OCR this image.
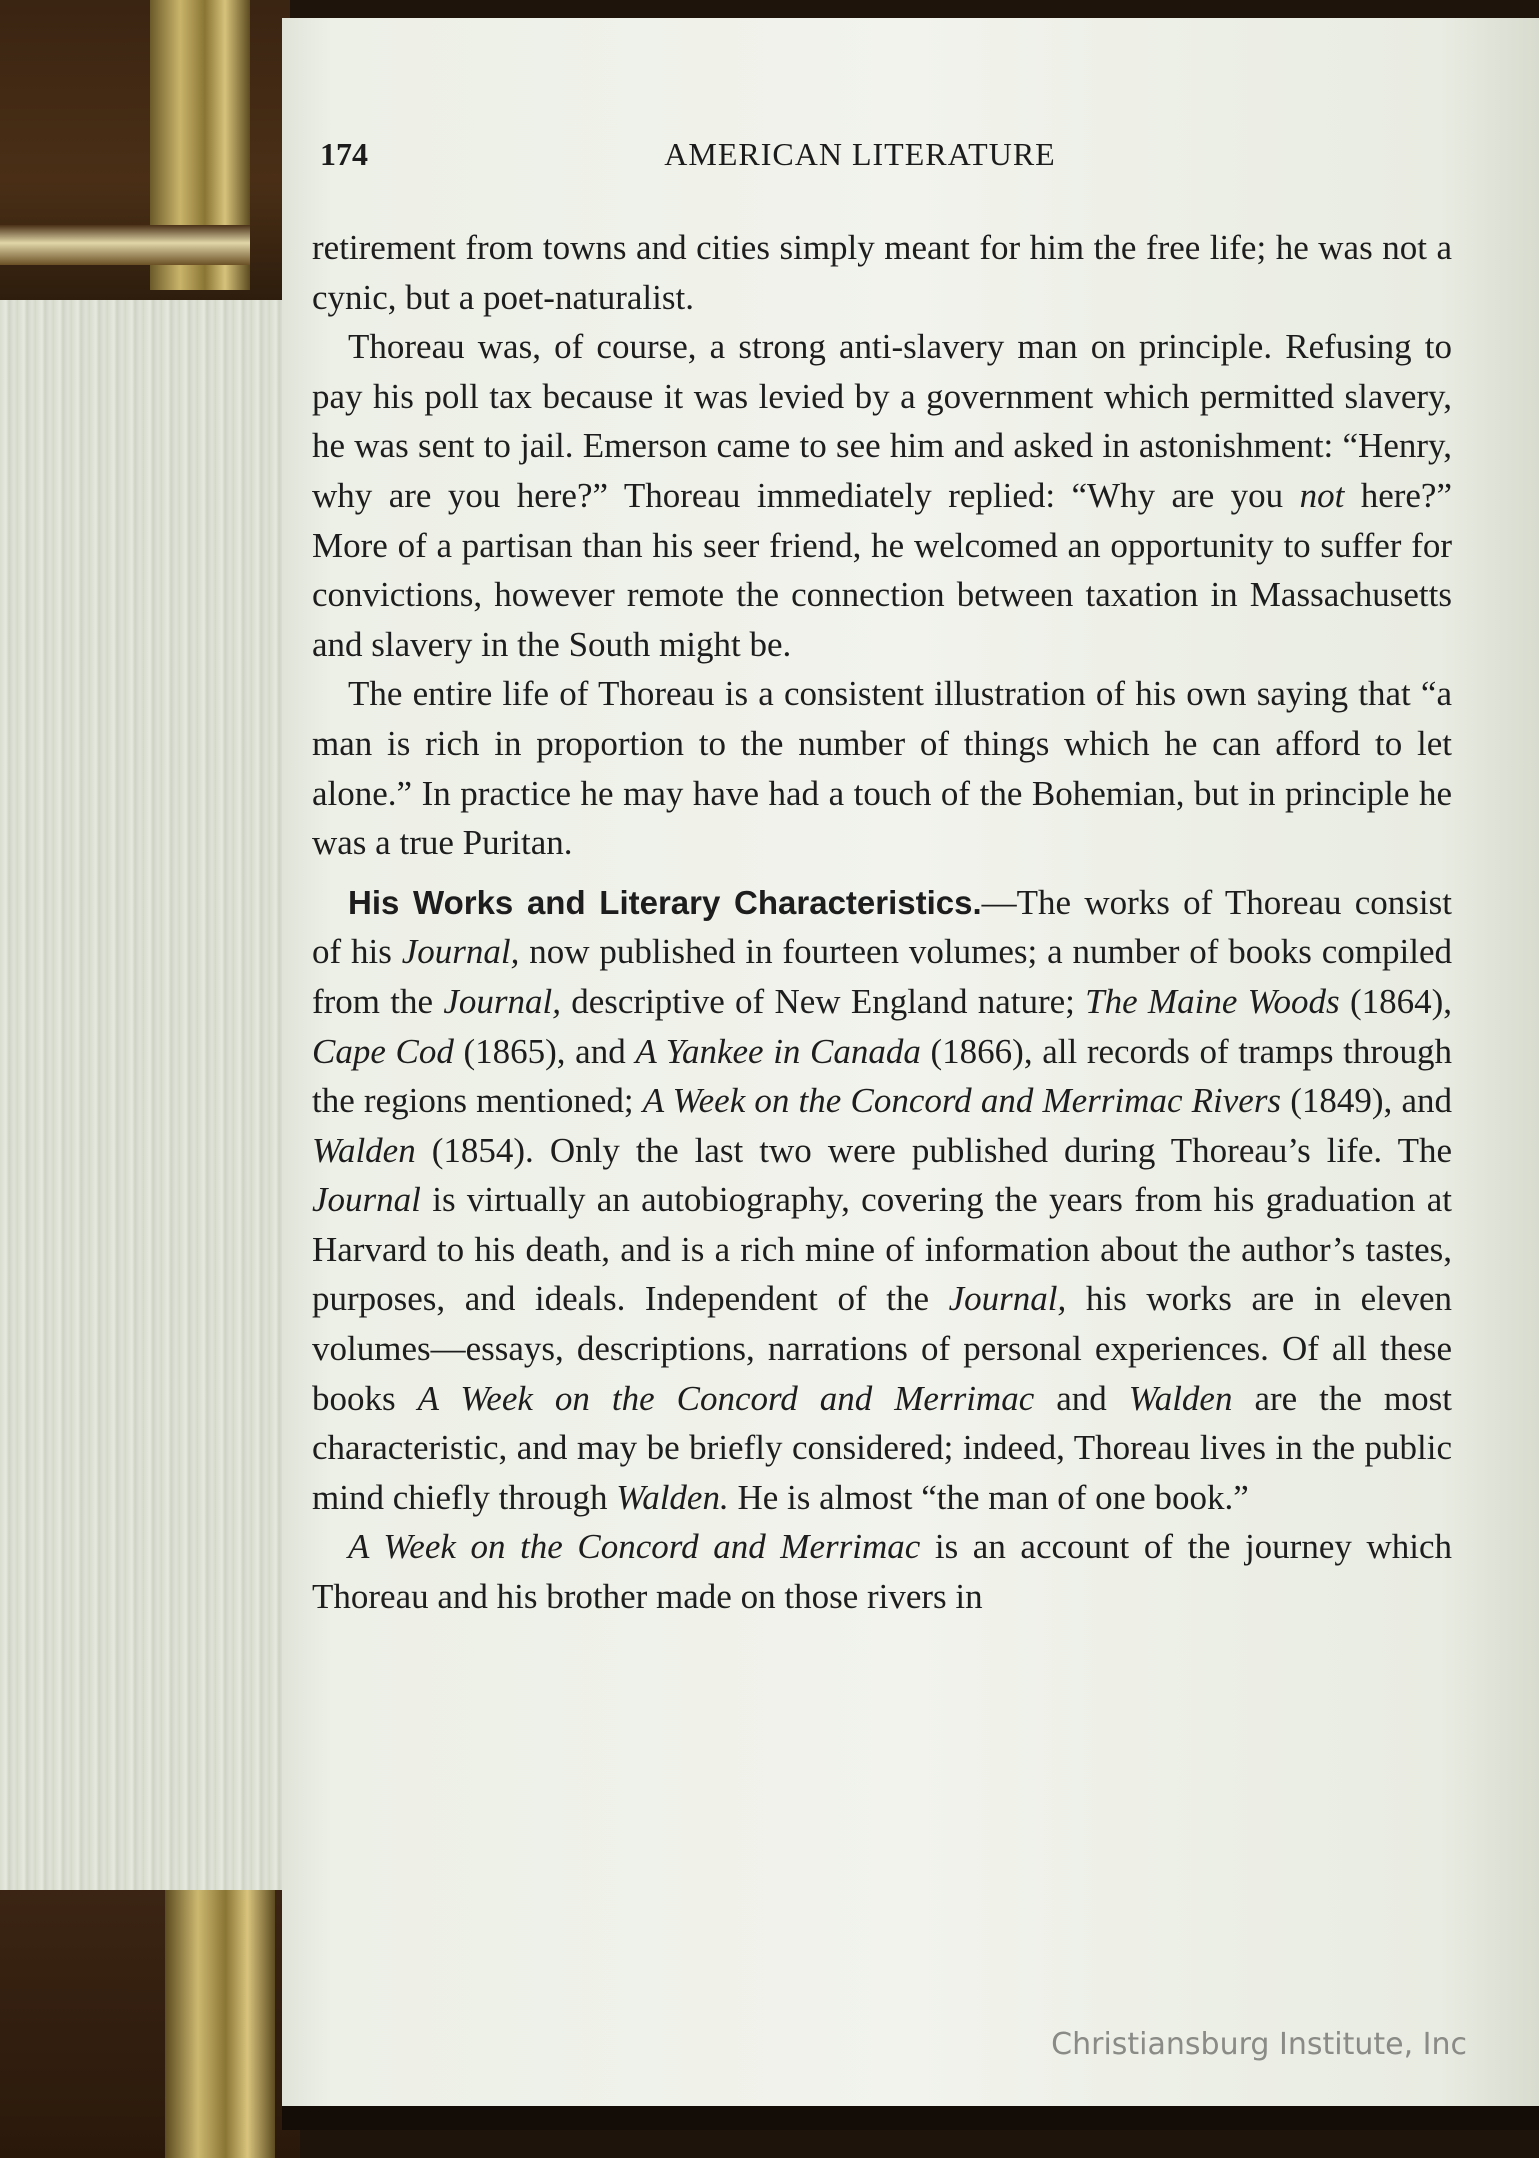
174	AMERICAN LITERATURE

retirement from towns and cities simply meant for him the free life; he was not a cynic, but a poet-naturalist.

Thoreau was, of course, a strong anti-slavery man on principle. Refusing to pay his poll tax because it was levied by a government which permitted slavery, he was sent to jail. Emerson came to see him and asked in astonishment: “Henry, why are you here?” Thoreau immediately replied: “Why are you not here?” More of a partisan than his seer friend, he welcomed an opportunity to suffer for convictions, however remote the connection between taxation in Massachusetts and slavery in the South might be.

The entire life of Thoreau is a consistent illustration of his own saying that “a man is rich in proportion to the number of things which he can afford to let alone.” In practice he may have had a touch of the Bohemian, but in principle he was a true Puritan.

His Works and Literary Characteristics.—The works of Thoreau consist of his Journal, now published in fourteen volumes; a number of books compiled from the Journal, descriptive of New England nature; The Maine Woods (1864), Cape Cod (1865), and A Yankee in Canada (1866), all records of tramps through the regions mentioned; A Week on the Concord and Merrimac Rivers (1849), and Walden (1854). Only the last two were published during Thoreau’s life. The Journal is virtually an autobiography, covering the years from his graduation at Harvard to his death, and is a rich mine of information about the author’s tastes, purposes, and ideals. Independent of the Journal, his works are in eleven volumes—essays, descriptions, narrations of personal experiences. Of all these books A Week on the Concord and Merrimac and Walden are the most characteristic, and may be briefly considered; indeed, Thoreau lives in the public mind chiefly through Walden. He is almost “the man of one book.”

A Week on the Concord and Merrimac is an account of the journey which Thoreau and his brother made on those rivers in

Christiansburg Institute, Inc
